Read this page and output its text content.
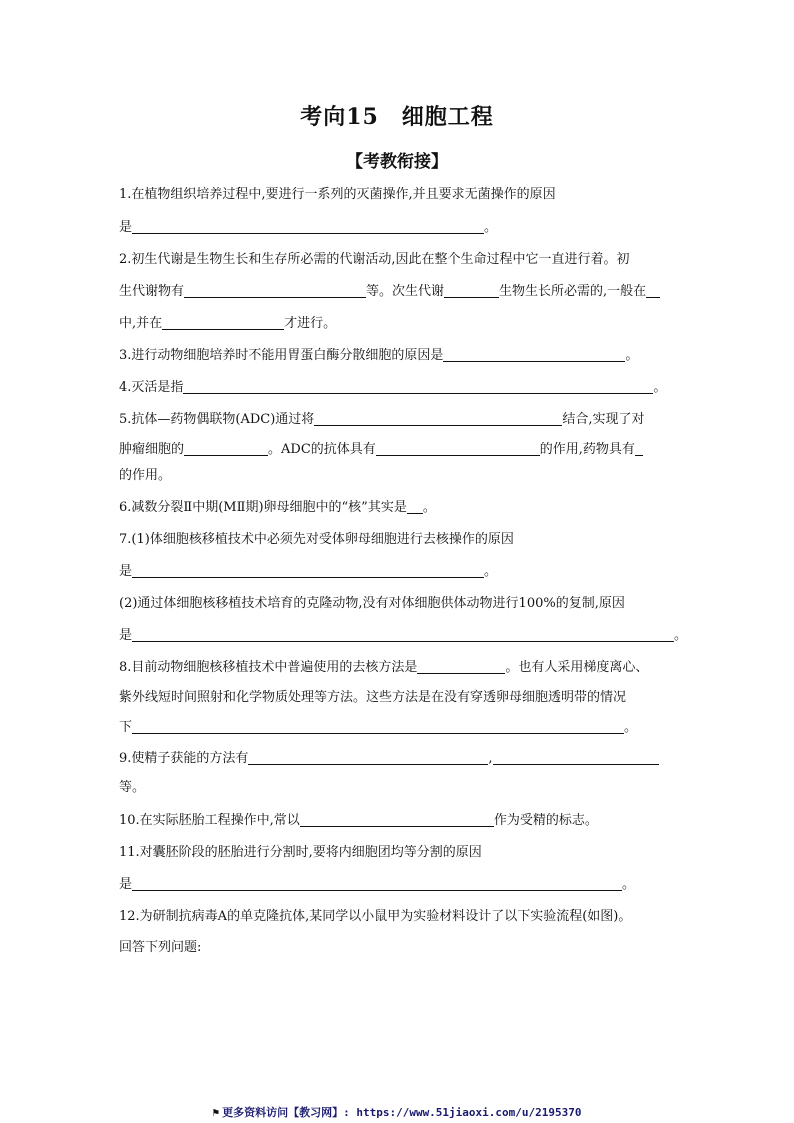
考向15　细胞工程
【考教衔接】
1.在植物组织培养过程中,要进行一系列的灭菌操作,并且要求无菌操作的原因
是	。
2.初生代谢是生物生长和生存所必需的代谢活动,因此在整个生命过程中它一直进行着。初
生代谢物有	等。次生代谢	生物生长所必需的,一般在
中,并在	才进行。
3.进行动物细胞培养时不能用胃蛋白酶分散细胞的原因是	。
4.灭活是指	。
5.抗体—药物偶联物(ADC)通过将	结合,实现了对
肿瘤细胞的	。ADC的抗体具有	的作用,药物具有
的作用。
6.减数分裂Ⅱ中期(MⅡ期)卵母细胞中的“核”其实是 。
7.(1)体细胞核移植技术中必须先对受体卵母细胞进行去核操作的原因
是	。
(2)通过体细胞核移植技术培育的克隆动物,没有对体细胞供体动物进行100%的复制,原因
是	。
8.目前动物细胞核移植技术中普遍使用的去核方法是	。也有人采用梯度离心、
紫外线短时间照射和化学物质处理等方法。这些方法是在没有穿透卵母细胞透明带的情况
下	。
9.使精子获能的方法有	,
等。
10.在实际胚胎工程操作中,常以	作为受精的标志。
11.对囊胚阶段的胚胎进行分割时,要将内细胞团均等分割的原因
是	。
12.为研制抗病毒A的单克隆抗体,某同学以小鼠甲为实验材料设计了以下实验流程(如图)。
回答下列问题:
⚑ 更多资料访问【教习网】: https://www.51jiaoxi.com/u/2195370
